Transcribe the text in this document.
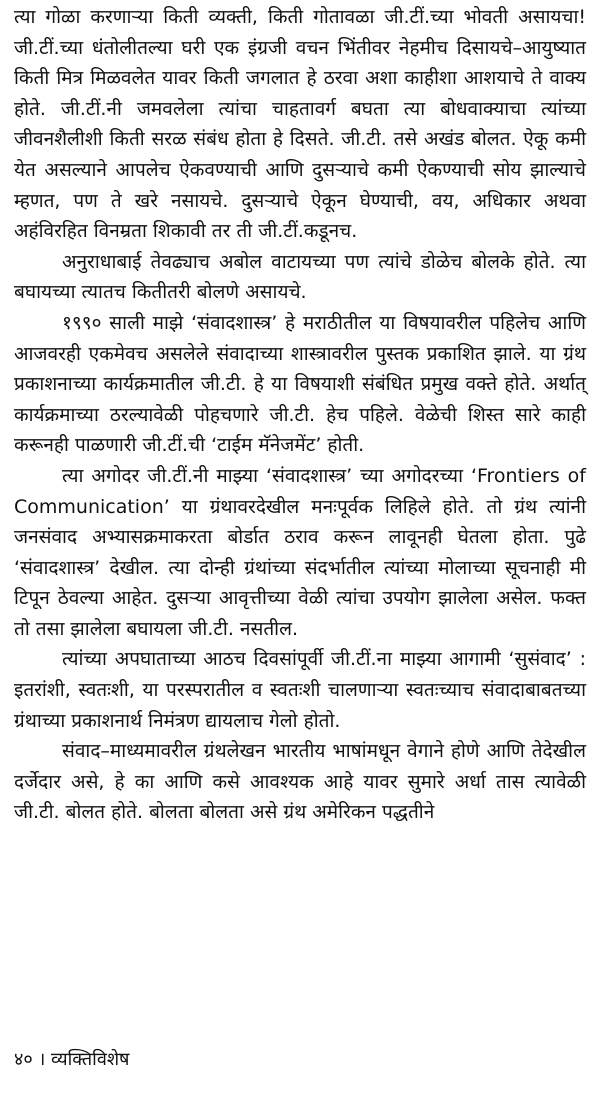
त्या गोळा करणाऱ्या किती व्यक्ती, किती गोतावळा जी.टीं.च्या भोवती असायचा! जी.टीं.च्या धंतोलीतल्या घरी एक इंग्रजी वचन भिंतीवर नेहमीच दिसायचे–आयुष्यात किती मित्र मिळवलेत यावर किती जगलात हे ठरवा अशा काहीशा आशयाचे ते वाक्य होते. जी.टीं.नी जमवलेला त्यांचा चाहतावर्ग बघता त्या बोधवाक्याचा त्यांच्या जीवनशैलीशी किती सरळ संबंध होता हे दिसते. जी.टी. तसे अखंड बोलत. ऐकू कमी येत असल्याने आपलेच ऐकवण्याची आणि दुसऱ्याचे कमी ऐकण्याची सोय झाल्याचे म्हणत, पण ते खरे नसायचे. दुसऱ्याचे ऐकून घेण्याची, वय, अधिकार अथवा अहंविरहित विनम्रता शिकावी तर ती जी.टीं.कडूनच.

अनुराधाबाई तेवढ्याच अबोल वाटायच्या पण त्यांचे डोळेच बोलके होते. त्या बघायच्या त्यातच कितीतरी बोलणे असायचे.

१९९० साली माझे ‘संवादशास्त्र’ हे मराठीतील या विषयावरील पहिलेच आणि आजवरही एकमेवच असलेले संवादाच्या शास्त्रावरील पुस्तक प्रकाशित झाले. या ग्रंथ प्रकाशनाच्या कार्यक्रमातील जी.टी. हे या विषयाशी संबंधित प्रमुख वक्ते होते. अर्थात् कार्यक्रमाच्या ठरल्यावेळी पोहचणारे जी.टी. हेच पहिले. वेळेची शिस्त सारे काही करूनही पाळणारी जी.टीं.ची ‘टाईम मॅनेजमेंट’ होती.

त्या अगोदर जी.टीं.नी माझ्या ‘संवादशास्त्र’ च्या अगोदरच्या ‘Frontiers of Communication’ या ग्रंथावरदेखील मनःपूर्वक लिहिले होते. तो ग्रंथ त्यांनी जनसंवाद अभ्यासक्रमाकरता बोर्डात ठराव करून लावूनही घेतला होता. पुढे ‘संवादशास्त्र’ देखील. त्या दोन्ही ग्रंथांच्या संदर्भातील त्यांच्या मोलाच्या सूचनाही मी टिपून ठेवल्या आहेत. दुसऱ्या आवृत्तीच्या वेळी त्यांचा उपयोग झालेला असेल. फक्त तो तसा झालेला बघायला जी.टी. नसतील.

त्यांच्या अपघाताच्या आठच दिवसांपूर्वी जी.टीं.ना माझ्या आगामी ‘सुसंवाद’ : इतरांशी, स्वतःशी, या परस्परातील व स्वतःशी चालणाऱ्या स्वतःच्याच संवादाबाबतच्या ग्रंथाच्या प्रकाशनार्थ निमंत्रण द्यायलाच गेलो होतो.

संवाद–माध्यमावरील ग्रंथलेखन भारतीय भाषांमधून वेगाने होणे आणि तेदेखील दर्जेदार असे, हे का आणि कसे आवश्यक आहे यावर सुमारे अर्धा तास त्यावेळी जी.टी. बोलत होते. बोलता बोलता असे ग्रंथ अमेरिकन पद्धतीने

४० । व्यक्तिविशेष
